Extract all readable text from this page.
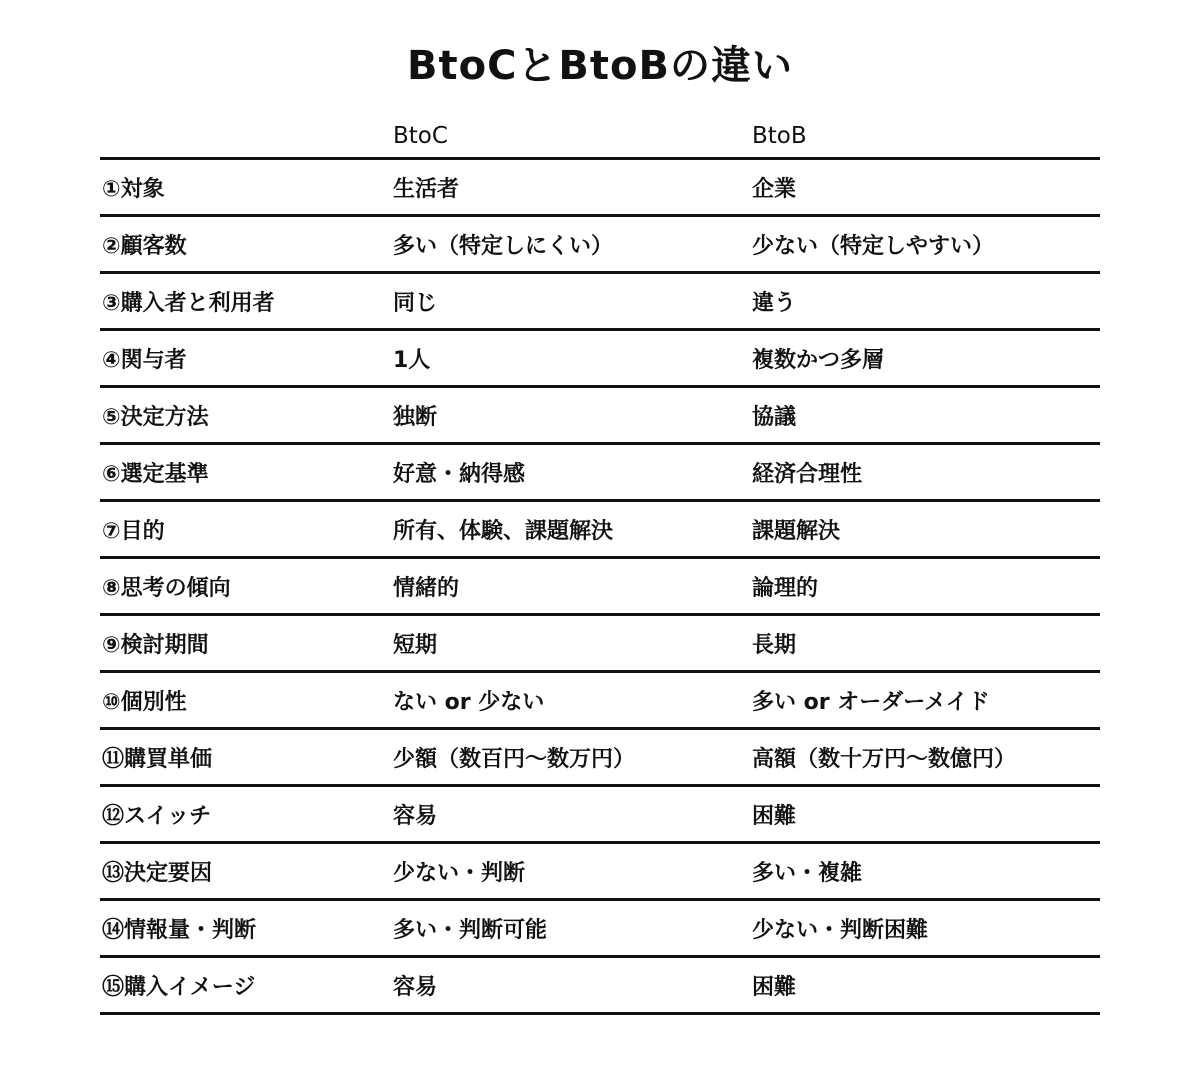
BtoCとBtoBの違い
BtoC	BtoB
①対象	生活者	企業
②顧客数	多い（特定しにくい）	少ない（特定しやすい）
③購入者と利用者	同じ	違う
④関与者	1人	複数かつ多層
⑤決定方法	独断	協議
⑥選定基準	好意・納得感	経済合理性
⑦目的	所有、体験、課題解決	課題解決
⑧思考の傾向	情緒的	論理的
⑨検討期間	短期	長期
⑩個別性	ない or 少ない	多い or オーダーメイド
⑪購買単価	少額（数百円〜数万円）	高額（数十万円〜数億円）
⑫スイッチ	容易	困難
⑬決定要因	少ない・判断	多い・複雑
⑭情報量・判断	多い・判断可能	少ない・判断困難
⑮購入イメージ	容易	困難
